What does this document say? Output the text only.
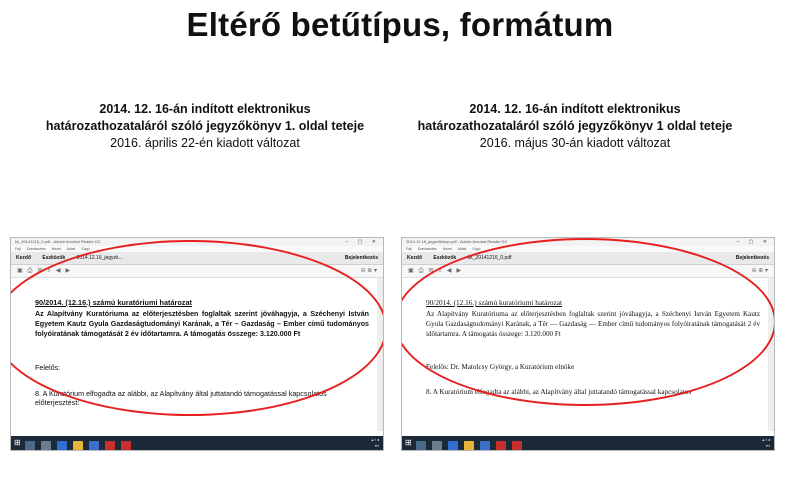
Eltérő betűtípus, formátum
2014. 12. 16-án indított elektronikus
határozathozataláról szóló jegyzőkönyv 1. oldal teteje
2016. április 22-én kiadott változat
2014. 12. 16-án indított elektronikus
határozathozataláról szóló jegyzőkönyv 1 oldal teteje
2016. május 30-án kiadott változat
kk_20141216_0.pdf - Adobe Acrobat Reader DC	– ▢ ✕
Fájl Szerkesztés Nézet Ablak Súgó
Kezdő Eszközök 2014.12.16_jegyzk...	Bejelentkezés
▣ ⎙ ✉ ⌕ ◀ ▶	⊖ ⊕ ▾
90/2014. (12.16.) számú kuratóriumi határozat
Az Alapítvány Kuratóriuma az előterjesztésben foglaltak szerint jóváhagyja, a Széchenyi István Egyetem Kautz Gyula Gazdaságtudományi Karának, a Tér – Gazdaság – Ember című tudományos folyóiratának támogatását 2 év időtartamra. A támogatás összege: 3.120.000 Ft
Felelős:
8. A Kuratórium elfogadta az alábbi, az Alapítvány által juttatandó támogatással kapcsolatos
előterjesztést:
⊞	▴ ▪ ◂
▪▪▪
2014.12.16_jegyzőkönyv.pdf - Adobe Acrobat Reader DC	– ▢ ✕
Fájl Szerkesztés Nézet Ablak Súgó
Kezdő Eszközök kk_20141216_0.pdf	Bejelentkezés
▣ ⎙ ✉ ⌕ ◀ ▶	⊖ ⊕ ▾
90/2014. (12.16.) számú kuratóriumi határozat
Az Alapítvány Kuratóriuma az előterjesztésben foglaltak szerint jóváhagyja, a Széchenyi István Egyetem Kautz Gyula Gazdaságtudományi Karának, a Tér — Gazdaság — Ember című tudományos folyóiratának támogatását 2 év időtartamra. A támogatás összege: 3.120.000 Ft
Felelős: Dr. Matolcsy György, a Kuratórium elnöke
8. A Kuratórium elfogadta az alábbi, az Alapítvány által juttatandó támogatással kapcsolatos
⊞	▴ ▪ ◂
▪▪▪
